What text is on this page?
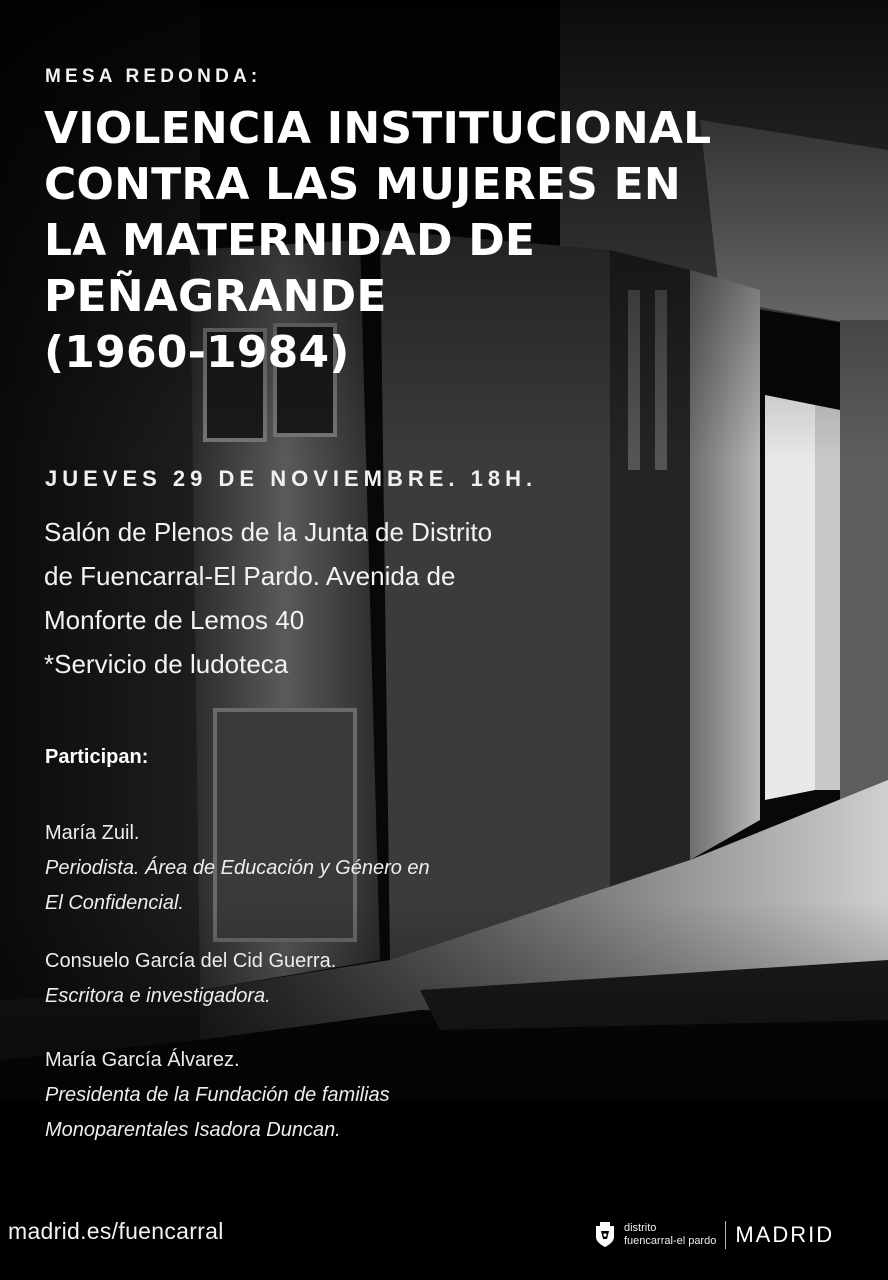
MESA REDONDA:
VIOLENCIA INSTITUCIONAL
CONTRA LAS MUJERES EN
LA MATERNIDAD DE
PEÑAGRANDE
(1960-1984)
JUEVES 29 DE NOVIEMBRE. 18H.
Salón de Plenos de la Junta de Distrito
de Fuencarral-El Pardo. Avenida de
Monforte de Lemos 40
*Servicio de ludoteca
Participan:
María Zuil.
Periodista. Área de Educación y Género en
El Confidencial.
Consuelo García del Cid Guerra.
Escritora e investigadora.
María García Álvarez.
Presidenta de la Fundación de familias
Monoparentales Isadora Duncan.
madrid.es/fuencarral	distrito
fuencarral-el pardo MADRID
